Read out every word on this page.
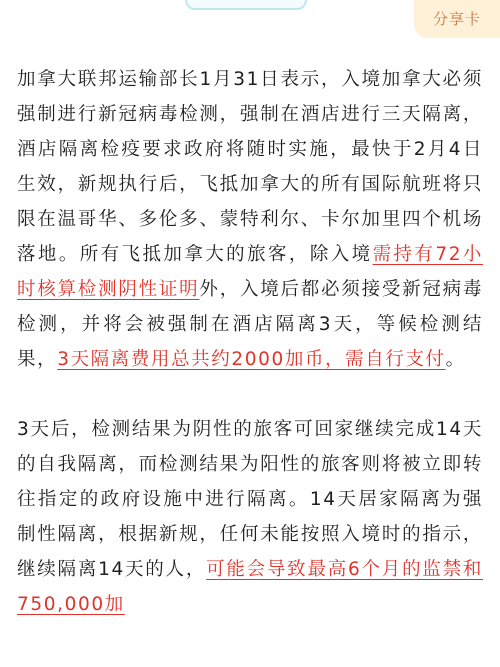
分享卡

加拿大联邦运输部长1月31日表示，入境加拿大必须强制进行新冠病毒检测，强制在酒店进行三天隔离，酒店隔离检疫要求政府将随时实施，最快于2月4日生效，新规执行后，飞抵加拿大的所有国际航班将只限在温哥华、多伦多、蒙特利尔、卡尔加里四个机场落地。所有飞抵加拿大的旅客，除入境需持有72小时核算检测阴性证明外，入境后都必须接受新冠病毒检测，并将会被强制在酒店隔离3天，等候检测结果，3天隔离费用总共约2000加币，需自行支付。

3天后，检测结果为阴性的旅客可回家继续完成14天的自我隔离，而检测结果为阳性的旅客则将被立即转往指定的政府设施中进行隔离。14天居家隔离为强制性隔离，根据新规，任何未能按照入境时的指示，继续隔离14天的人，可能会导致最高6个月的监禁和750,000加
